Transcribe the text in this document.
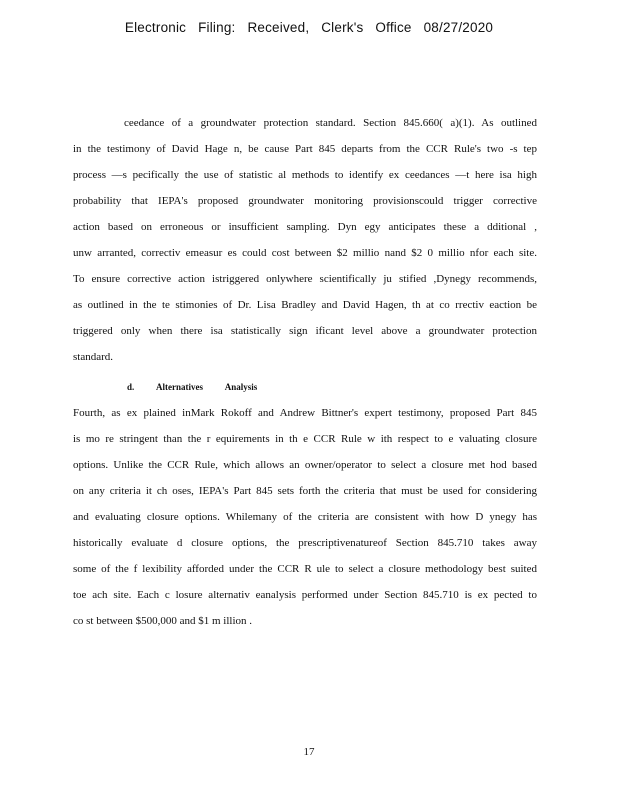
Electronic Filing: Received, Clerk's Office 08/27/2020
ceedance of a groundwater protection standard. Section 845.660( a)(1). As outlined
in the testimony of David Hage n, be cause Part 845 departs from the CCR Rule's two -s tep
process —s pecifically the use of statistic al methods to identify ex ceedances —t here isa high
probability that IEPA's proposed groundwater monitoring provisionscould trigger corrective
action based on erroneous or insufficient sampling. Dyn egy anticipates these a dditional ,
unw arranted, correctiv emeasur es could cost between $2 millio nand $2 0 millio nfor each site.
To ensure corrective action istriggered onlywhere scientifically ju stified ,Dynegy recommends,
as outlined in the te stimonies of Dr. Lisa Bradley and David Hagen, th at co rrectiv eaction be
triggered only when there isa statistically sign ificant level above a groundwater protection
standard.
d. Alternatives Analysis
Fourth, as ex plained inMark Rokoff and Andrew Bittner's expert testimony, proposed Part 845
is mo re stringent than the r equirements in th e CCR Rule w ith respect to e valuating closure
options. Unlike the CCR Rule, which allows an owner/operator to select a closure met hod based
on any criteria it ch oses, IEPA's Part 845 sets forth the criteria that must be used for considering
and evaluating closure options. Whilemany of the criteria are consistent with how D ynegy has
historically evaluate d closure options, the prescriptivenatureof Section 845.710 takes away
some of the f lexibility afforded under the CCR R ule to select a closure methodology best suited
toe ach site. Each c losure alternativ eanalysis performed under Section 845.710 is ex pected to
co st between $500,000 and $1 m illion .
17
